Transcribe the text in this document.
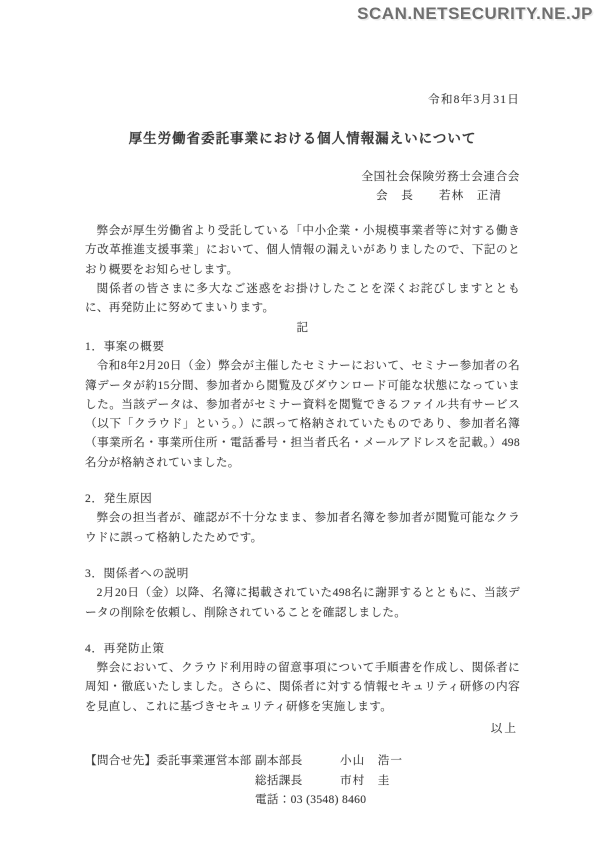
SCAN.NETSECURITY.NE.JP
令和8年3月31日
厚生労働省委託事業における個人情報漏えいについて
全国社会保険労務士会連合会
会　長　　若林　正清

弊会が厚生労働省より受託している「中小企業・小規模事業者等に対する働き方改革推進支援事業」において、個人情報の漏えいがありましたので、下記のとおり概要をお知らせします。

関係者の皆さまに多大なご迷惑をお掛けしたことを深くお詫びしますとともに、再発防止に努めてまいります。

記
1．事案の概要

令和8年2月20日（金）弊会が主催したセミナーにおいて、セミナー参加者の名簿データが約15分間、参加者から閲覧及びダウンロード可能な状態になっていました。当該データは、参加者がセミナー資料を閲覧できるファイル共有サービス（以下「クラウド」という。）に誤って格納されていたものであり、参加者名簿（事業所名・事業所住所・電話番号・担当者氏名・メールアドレスを記載。）498名分が格納されていました。

2．発生原因

弊会の担当者が、確認が不十分なまま、参加者名簿を参加者が閲覧可能なクラウドに誤って格納したためです。

3．関係者への説明

2月20日（金）以降、名簿に掲載されていた498名に謝罪するとともに、当該データの削除を依頼し、削除されていることを確認しました。

4．再発防止策

弊会において、クラウド利用時の留意事項について手順書を作成し、関係者に周知・徹底いたしました。さらに、関係者に対する情報セキュリティ研修の内容を見直し、これに基づきセキュリティ研修を実施します。

以上
【問合せ先】委託事業運営本部 副本部長	小山　浩一
総括課長	市村　圭
電話：03 (3548) 8460
